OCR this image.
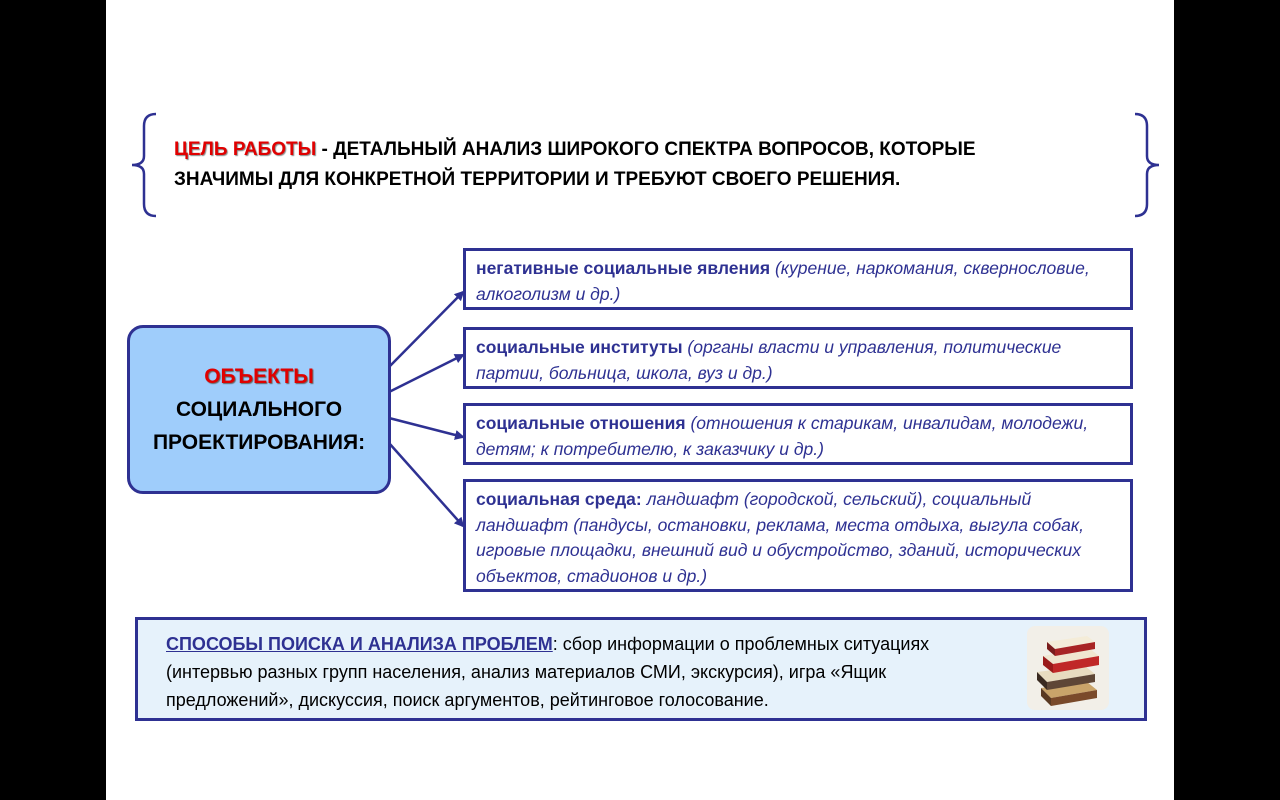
ЦЕЛЬ РАБОТЫ - ДЕТАЛЬНЫЙ АНАЛИЗ ШИРОКОГО СПЕКТРА ВОПРОСОВ, КОТОРЫЕ
ЗНАЧИМЫ ДЛЯ КОНКРЕТНОЙ ТЕРРИТОРИИ И ТРЕБУЮТ СВОЕГО РЕШЕНИЯ.
ОБЪЕКТЫ
СОЦИАЛЬНОГО
ПРОЕКТИРОВАНИЯ:
негативные социальные явления (курение, наркомания, сквернословие, алкоголизм и др.)
социальные институты (органы власти и управления, политические партии, больница, школа, вуз и др.)
социальные отношения (отношения к старикам, инвалидам, молодежи, детям; к потребителю, к заказчику и др.)
социальная среда: ландшафт (городской, сельский), социальный ландшафт (пандусы, остановки, реклама, места отдыха, выгула собак, игровые площадки, внешний вид и обустройство, зданий, исторических объектов, стадионов и др.)
СПОСОБЫ ПОИСКА И АНАЛИЗА ПРОБЛЕМ: сбор информации о проблемных ситуациях (интервью разных групп населения, анализ материалов СМИ, экскурсия), игра «Ящик предложений», дискуссия, поиск аргументов, рейтинговое голосование.
